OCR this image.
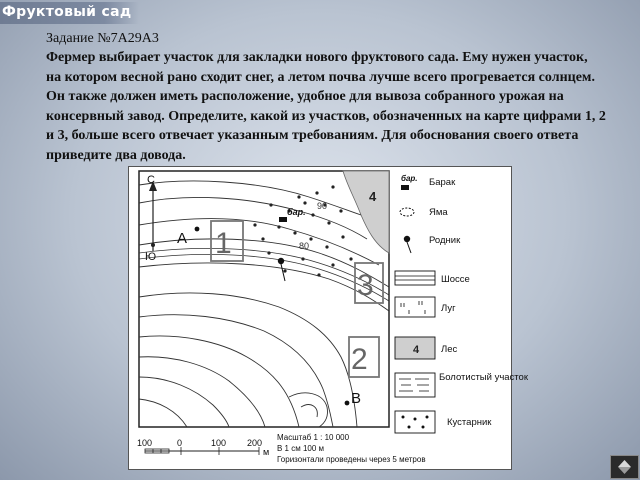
Фруктовый сад
Задание №7А29А3

Фермер выбирает участок для закладки нового фруктового сада. Ему нужен участок, на котором весной рано сходит снег, а летом почва лучше всего прогревается солнцем. Он также должен иметь расположение, удобное для вывоза собранного урожая на консервный завод. Определите, какой из участков, обозначенных на карте цифрами 1, 2 и 3, больше всего отвечает указанным требованиям. Для обоснования своего ответа приведите два довода.

С
Ю
А
В
1
3
2
90
80
бар.
4
100	0	100 200
м
Масштаб 1 : 10 000
В 1 см 100 м
Горизонтали проведены через 5 метров
бар. Барак
Яма
Родник
Шоссе
Луг
4 Лес
Болотистый участок
Кустарник
